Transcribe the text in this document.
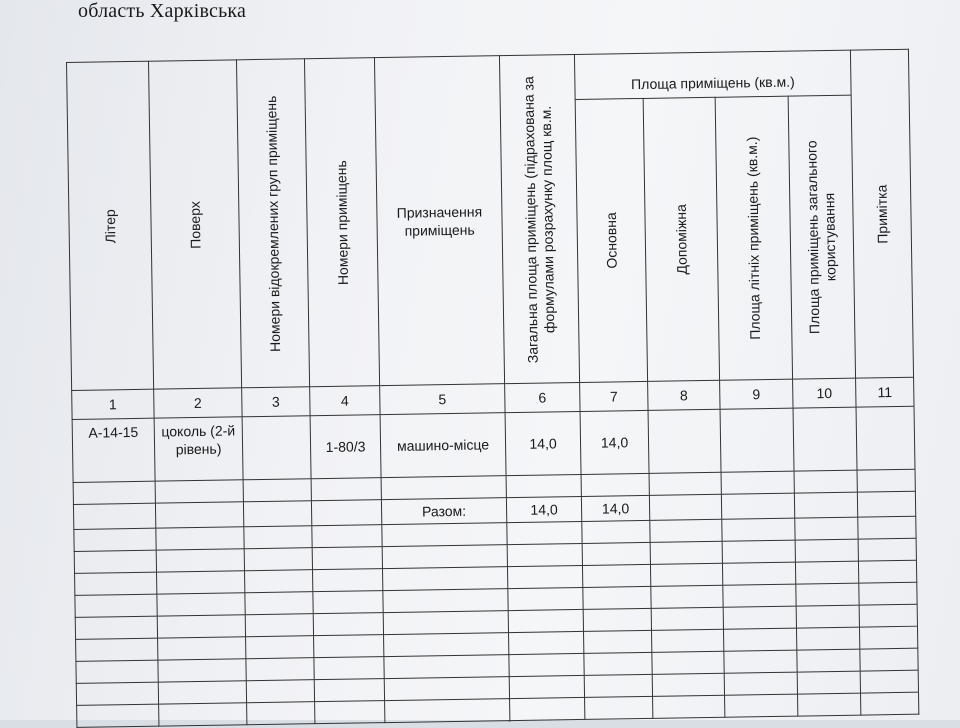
область Харківська
Літер	Поверх	Номери відокремлених груп приміщень	Номери приміщень	Призначення приміщень	Загальна площа приміщень (підрахована за формулами розрахунку площ кв.м.	Площа приміщень (кв.м.)				Примітка

						Основна	Допоміжна	Площа літніх приміщень (кв.м.)	Площа приміщень загального користування	

1	2	3	4	5	6	7	8	9	10	11
А-14-15	цоколь (2-й рівень)		1-80/3	машино-місце	14,0	14,0				

				Разом:	14,0	14,0				
